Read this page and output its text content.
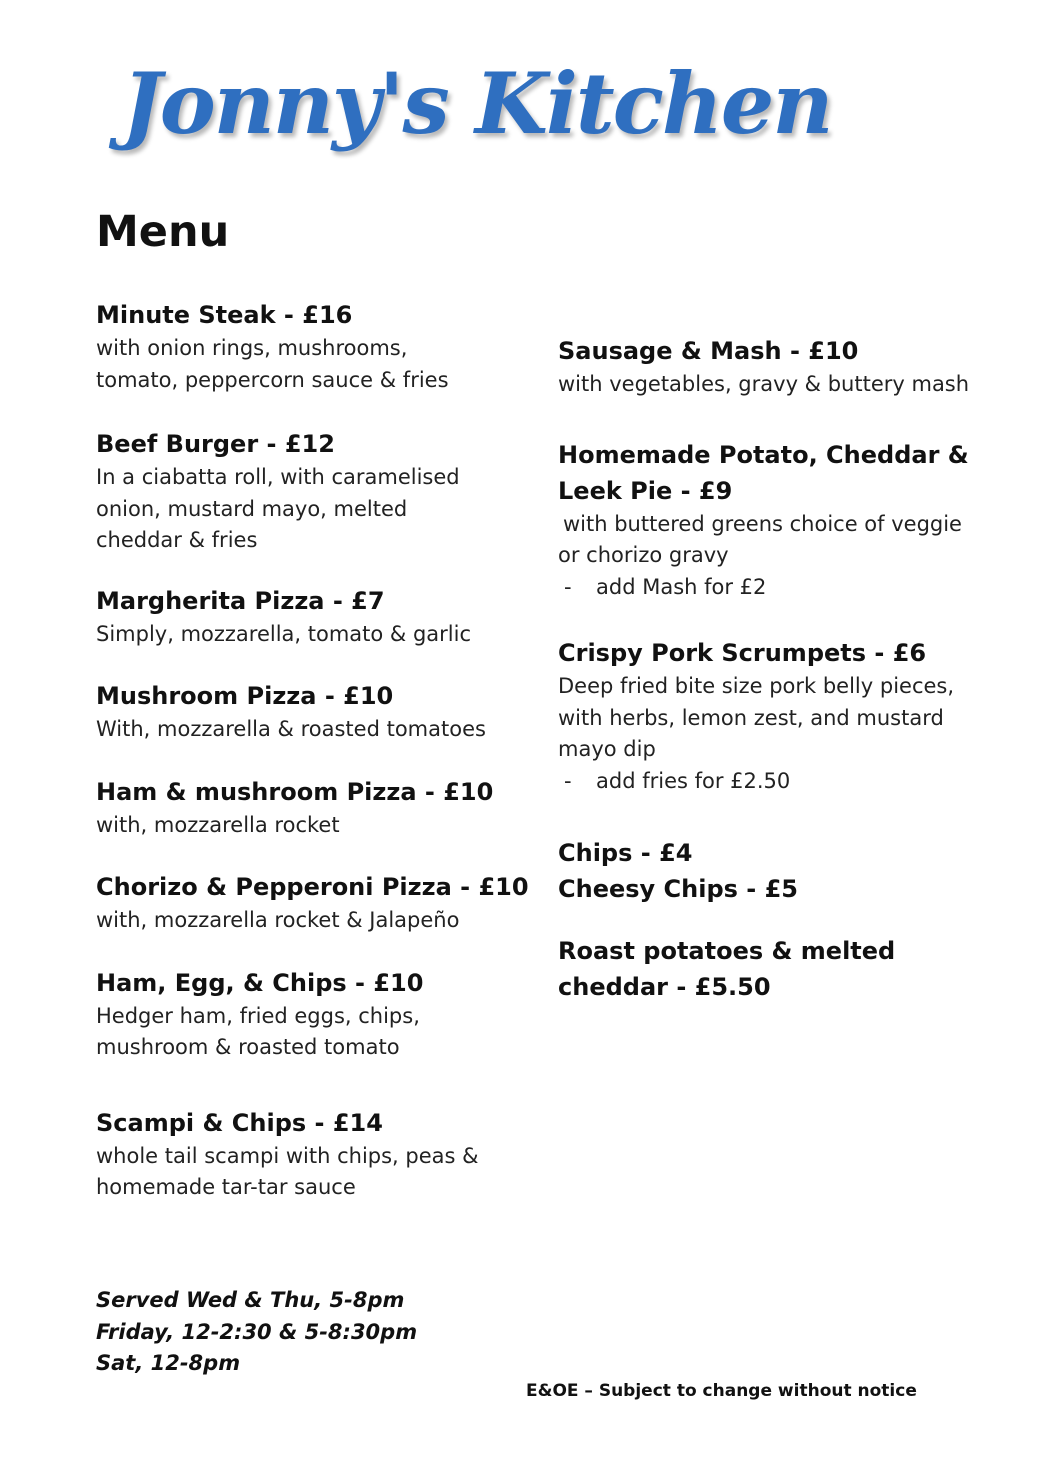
Jonny's Kitchen
Menu
Minute Steak - £16
with onion rings, mushrooms,
tomato, peppercorn sauce & fries
Beef Burger - £12
In a ciabatta roll, with caramelised
onion, mustard mayo, melted
cheddar & fries
Margherita Pizza - £7
Simply, mozzarella, tomato & garlic
Mushroom Pizza - £10
With, mozzarella & roasted tomatoes
Ham & mushroom Pizza - £10
with, mozzarella rocket
Chorizo & Pepperoni Pizza - £10
with, mozzarella rocket & Jalapeño
Ham, Egg, & Chips - £10
Hedger ham, fried eggs, chips,
mushroom & roasted tomato
Scampi & Chips - £14
whole tail scampi with chips, peas &
homemade tar-tar sauce
Sausage & Mash - £10
with vegetables, gravy & buttery mash
Homemade Potato, Cheddar &
Leek Pie - £9
with buttered greens choice of veggie
or chorizo gravy
- add Mash for £2
Crispy Pork Scrumpets - £6
Deep fried bite size pork belly pieces,
with herbs, lemon zest, and mustard
mayo dip
- add fries for £2.50
Chips - £4
Cheesy Chips - £5
Roast potatoes & melted
cheddar - £5.50
Served Wed & Thu, 5-8pm
Friday, 12-2:30 & 5-8:30pm
Sat, 12-8pm
E&OE – Subject to change without notice
